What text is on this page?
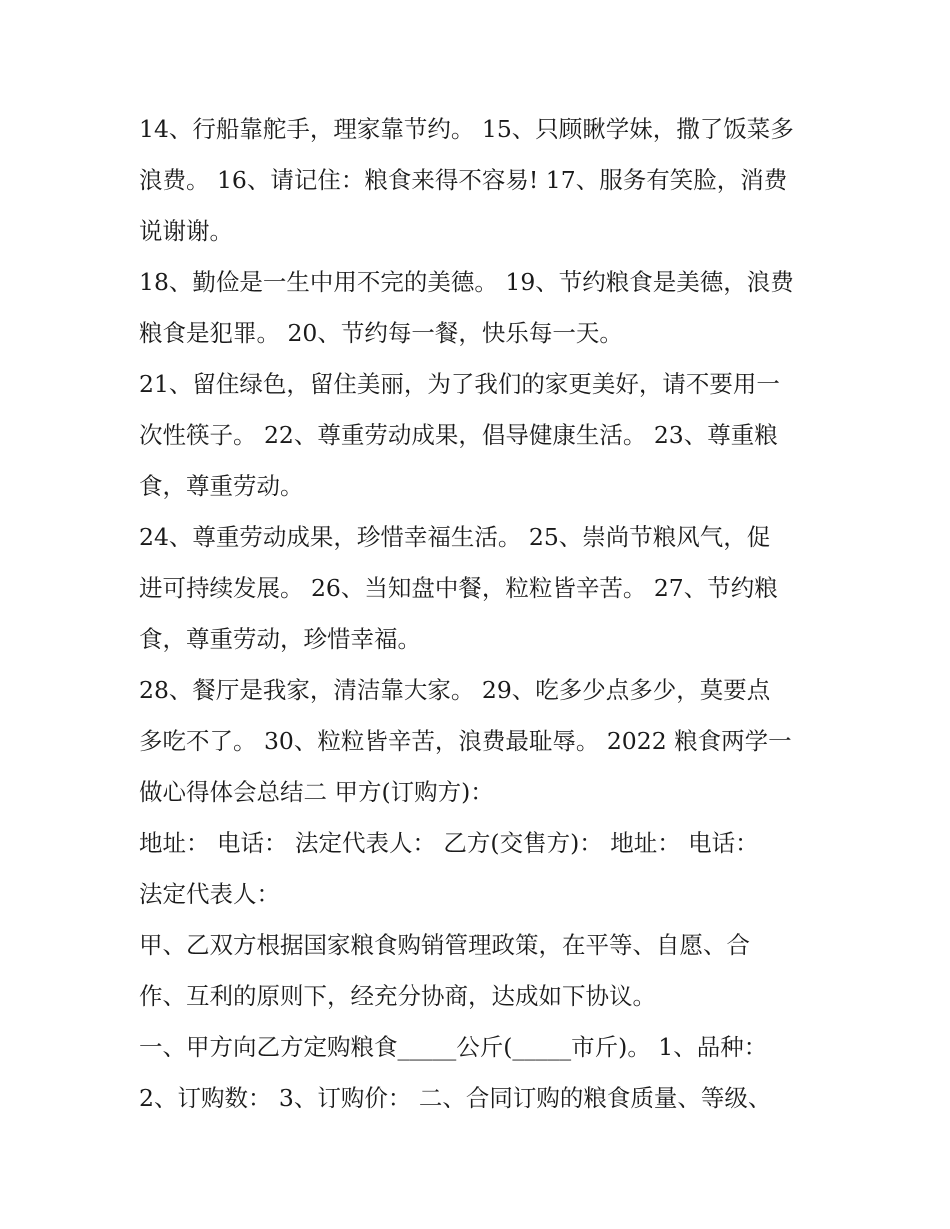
14、行船靠舵手，理家靠节约。 15、只顾瞅学妹，撒了饭菜多
浪费。 16、请记住：粮食来得不容易! 17、服务有笑脸，消费
说谢谢。
18、勤俭是一生中用不完的美德。 19、节约粮食是美德，浪费
粮食是犯罪。 20、节约每一餐，快乐每一天。
21、留住绿色，留住美丽，为了我们的家更美好，请不要用一
次性筷子。 22、尊重劳动成果，倡导健康生活。 23、尊重粮
食，尊重劳动。
24、尊重劳动成果，珍惜幸福生活。 25、崇尚节粮风气，促
进可持续发展。 26、当知盘中餐，粒粒皆辛苦。 27、节约粮
食，尊重劳动，珍惜幸福。
28、餐厅是我家，清洁靠大家。 29、吃多少点多少，莫要点
多吃不了。 30、粒粒皆辛苦，浪费最耻辱。 2022 粮食两学一
做心得体会总结二 甲方(订购方)：
地址： 电话： 法定代表人： 乙方(交售方)： 地址： 电话：
法定代表人：
甲、乙双方根据国家粮食购销管理政策，在平等、自愿、合
作、互利的原则下，经充分协商，达成如下协议。
一、甲方向乙方定购粮食_____公斤(_____市斤)。 1、品种：
2、订购数： 3、订购价： 二、合同订购的粮食质量、等级、
